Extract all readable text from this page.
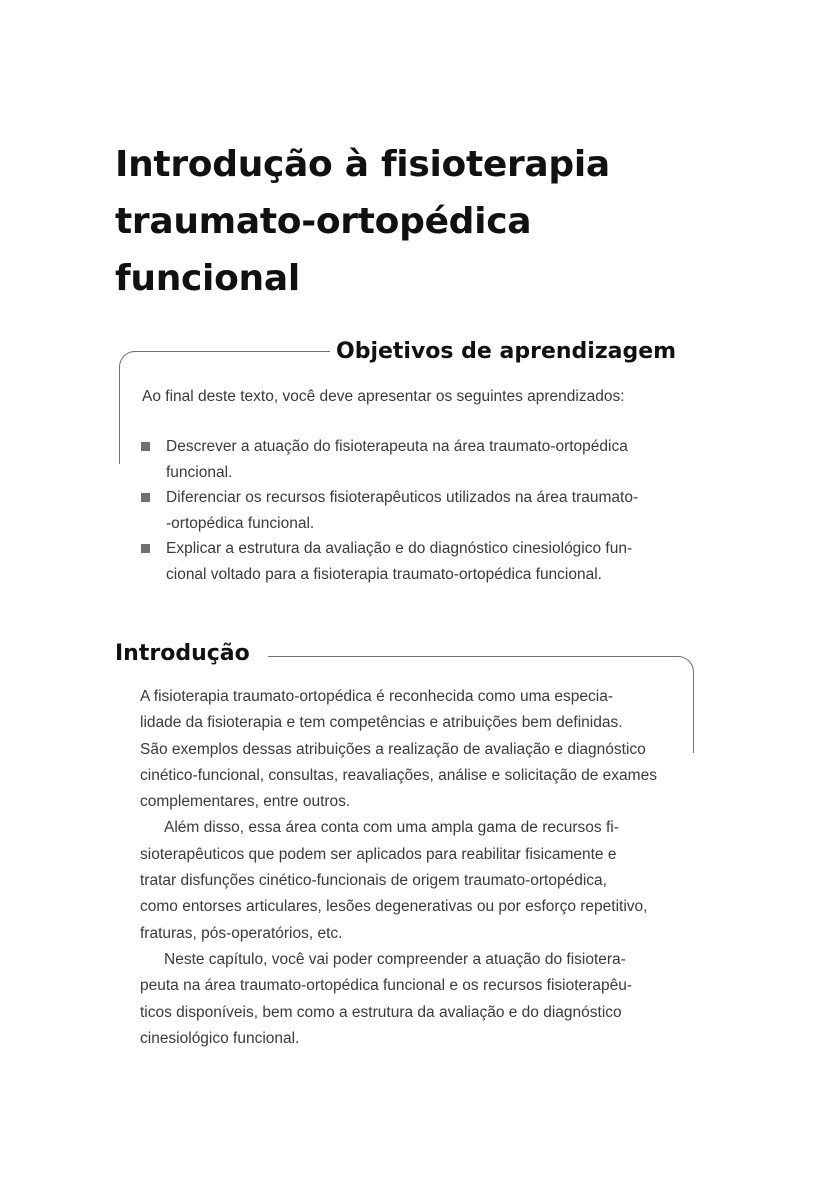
Introdução à fisioterapia
traumato-ortopédica
funcional
Objetivos de aprendizagem

Ao final deste texto, você deve apresentar os seguintes aprendizados:

Descrever a atuação do fisioterapeuta na área traumato-ortopédica
funcional.
Diferenciar os recursos fisioterapêuticos utilizados na área traumato-
-ortopédica funcional.
Explicar a estrutura da avaliação e do diagnóstico cinesiológico fun-
cional voltado para a fisioterapia traumato-ortopédica funcional.
Introdução

A fisioterapia traumato-ortopédica é reconhecida como uma especia-
lidade da fisioterapia e tem competências e atribuições bem definidas.
São exemplos dessas atribuições a realização de avaliação e diagnóstico
cinético-funcional, consultas, reavaliações, análise e solicitação de exames
complementares, entre outros.

Além disso, essa área conta com uma ampla gama de recursos fi-
sioterapêuticos que podem ser aplicados para reabilitar fisicamente e
tratar disfunções cinético-funcionais de origem traumato-ortopédica,
como entorses articulares, lesões degenerativas ou por esforço repetitivo,
fraturas, pós-operatórios, etc.

Neste capítulo, você vai poder compreender a atuação do fisiotera-
peuta na área traumato-ortopédica funcional e os recursos fisioterapêu-
ticos disponíveis, bem como a estrutura da avaliação e do diagnóstico
cinesiológico funcional.
